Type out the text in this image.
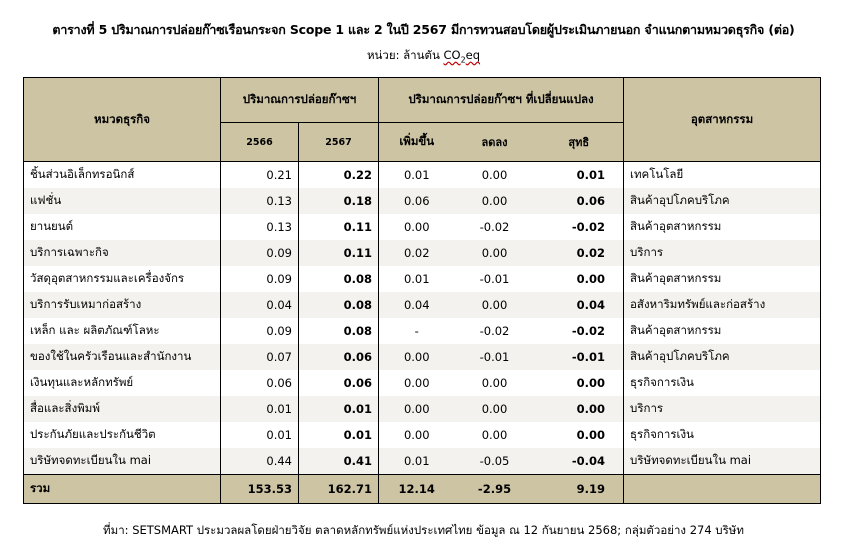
ตารางที่ 5 ปริมาณการปล่อยก๊าซเรือนกระจก Scope 1 และ 2 ในปี 2567 มีการทวนสอบโดยผู้ประเมินภายนอก จำแนกตามหมวดธุรกิจ (ต่อ)
หน่วย: ล้านตัน $CO_2eq$
หมวดธุรกิจ	ปริมาณการปล่อยก๊าซฯ		ปริมาณการปล่อยก๊าซฯ ที่เปลี่ยนแปลง			อุตสาหกรรม
	2566	2567	เพิ่มขึ้น	ลดลง	สุทธิ	
ชิ้นส่วนอิเล็กทรอนิกส์	0.21	0.22	0.01	0.00	0.01	เทคโนโลยี
แฟชั่น	0.13	0.18	0.06	0.00	0.06	สินค้าอุปโภคบริโภค
ยานยนต์	0.13	0.11	0.00	-0.02	-0.02	สินค้าอุตสาหกรรม
บริการเฉพาะกิจ	0.09	0.11	0.02	0.00	0.02	บริการ
วัสดุอุตสาหกรรมและเครื่องจักร	0.09	0.08	0.01	-0.01	0.00	สินค้าอุตสาหกรรม
บริการรับเหมาก่อสร้าง	0.04	0.08	0.04	0.00	0.04	อสังหาริมทรัพย์และก่อสร้าง
เหล็ก และ ผลิตภัณฑ์โลหะ	0.09	0.08	-	-0.02	-0.02	สินค้าอุตสาหกรรม
ของใช้ในครัวเรือนและสำนักงาน	0.07	0.06	0.00	-0.01	-0.01	สินค้าอุปโภคบริโภค
เงินทุนและหลักทรัพย์	0.06	0.06	0.00	0.00	0.00	ธุรกิจการเงิน
สื่อและสิ่งพิมพ์	0.01	0.01	0.00	0.00	0.00	บริการ
ประกันภัยและประกันชีวิต	0.01	0.01	0.00	0.00	0.00	ธุรกิจการเงิน
บริษัทจดทะเบียนใน mai	0.44	0.41	0.01	-0.05	-0.04	บริษัทจดทะเบียนใน mai
รวม	153.53	162.71	12.14	-2.95	9.19	
ที่มา: SETSMART ประมวลผลโดยฝ่ายวิจัย ตลาดหลักทรัพย์แห่งประเทศไทย ข้อมูล ณ 12 กันยายน 2568; กลุ่มตัวอย่าง 274 บริษัท
